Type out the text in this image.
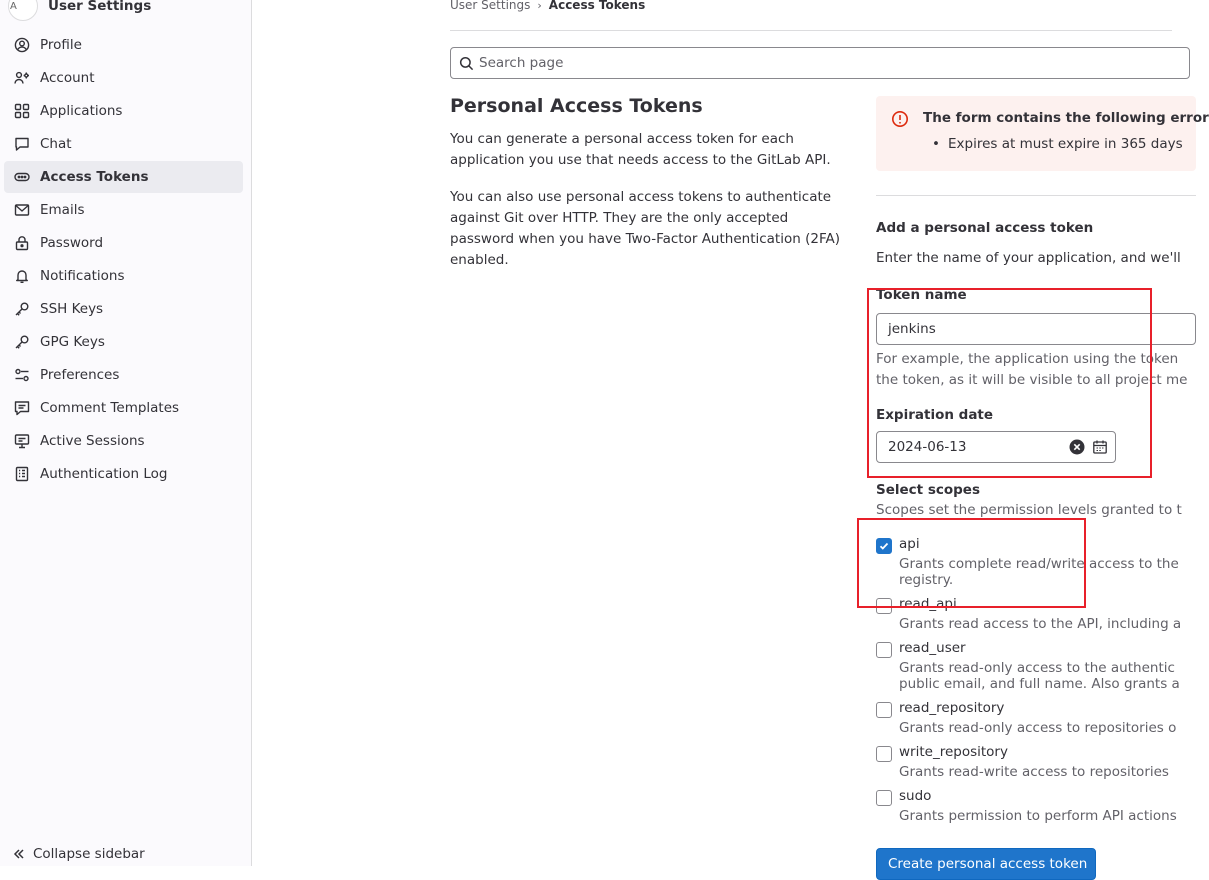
A User Settings
Profile
Account
Applications
Chat
Access Tokens
Emails
Password
Notifications
SSH Keys
GPG Keys
Preferences
Comment Templates
Active Sessions
Authentication Log
Collapse sidebar
User Settings › Access Tokens
Search page
Personal Access Tokens

You can generate a personal access token for each application you use that needs access to the GitLab API.

You can also use personal access tokens to authenticate against Git over HTTP. They are the only accepted password when you have Two-Factor Authentication (2FA) enabled.

The form contains the following error
• Expires at must expire in 365 days
Add a personal access token
Enter the name of your application, and we'll
Token name
jenkins
For example, the application using the token
the token, as it will be visible to all project me
Expiration date
2024-06-13
Select scopes
Scopes set the permission levels granted to t
api
Grants complete read/write access to the
registry.
read_api
Grants read access to the API, including a
read_user
Grants read-only access to the authentic
public email, and full name. Also grants a
read_repository
Grants read-only access to repositories o
write_repository
Grants read-write access to repositories
sudo
Grants permission to perform API actions
Create personal access token
